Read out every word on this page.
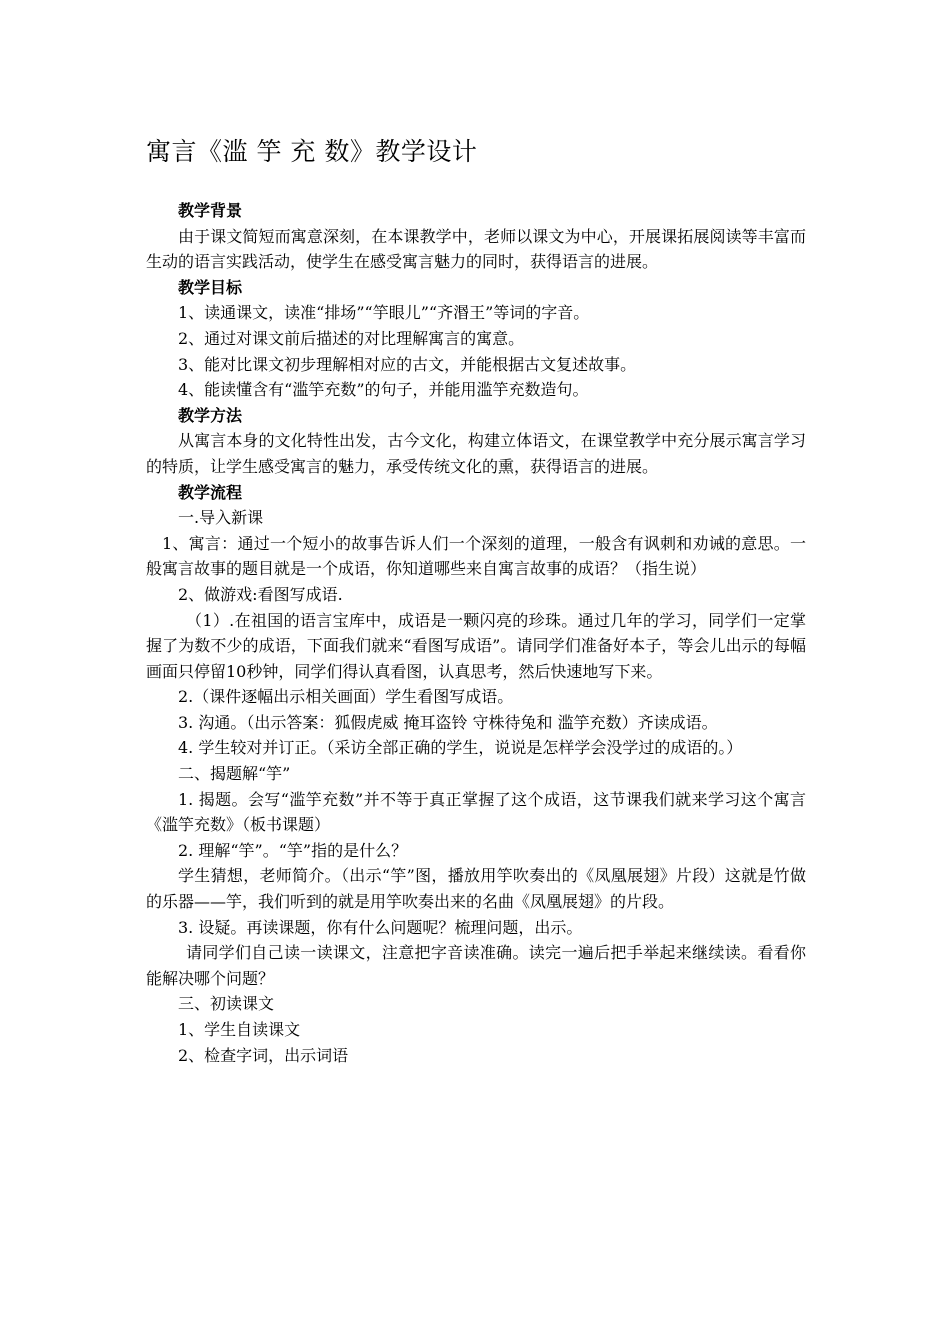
寓言《滥 竽 充 数》教学设计

教学背景

由于课文简短而寓意深刻，在本课教学中，老师以课文为中心，开展课拓展阅读等丰富而生动的语言实践活动，使学生在感受寓言魅力的同时，获得语言的进展。

教学目标

1、读通课文，读准“排场”“竽眼儿”“齐湣王”等词的字音。

2、通过对课文前后描述的对比理解寓言的寓意。

3、能对比课文初步理解相对应的古文，并能根据古文复述故事。

4、能读懂含有“滥竽充数”的句子，并能用滥竽充数造句。

教学方法

从寓言本身的文化特性出发，古今文化，构建立体语文，在课堂教学中充分展示寓言学习的特质，让学生感受寓言的魅力，承受传统文化的熏，获得语言的进展。

教学流程

一.导入新课

1、寓言：通过一个短小的故事告诉人们一个深刻的道理，一般含有讽刺和劝诫的意思。一般寓言故事的题目就是一个成语，你知道哪些来自寓言故事的成语？（指生说）

2、做游戏:看图写成语.

（1）.在祖国的语言宝库中，成语是一颗闪亮的珍珠。通过几年的学习，同学们一定掌握了为数不少的成语，下面我们就来“看图写成语”。请同学们准备好本子，等会儿出示的每幅画面只停留10秒钟，同学们得认真看图，认真思考，然后快速地写下来。

2.（课件逐幅出示相关画面）学生看图写成语。

3. 沟通。（出示答案：狐假虎威 掩耳盗铃 守株待兔和 滥竽充数）齐读成语。

4. 学生较对并订正。（采访全部正确的学生，说说是怎样学会没学过的成语的。）

二、揭题解“竽”

1. 揭题。会写“滥竽充数”并不等于真正掌握了这个成语，这节课我们就来学习这个寓言《滥竽充数》（板书课题）

2. 理解“竽”。“竽”指的是什么？

学生猜想，老师简介。（出示“竽”图，播放用竽吹奏出的《凤凰展翅》片段）这就是竹做的乐器——竽，我们听到的就是用竽吹奏出来的名曲《凤凰展翅》的片段。

3. 设疑。再读课题，你有什么问题呢？梳理问题，出示。

请同学们自己读一读课文，注意把字音读准确。读完一遍后把手举起来继续读。看看你能解决哪个问题？

三、初读课文

1、学生自读课文

2、检查字词，出示词语
